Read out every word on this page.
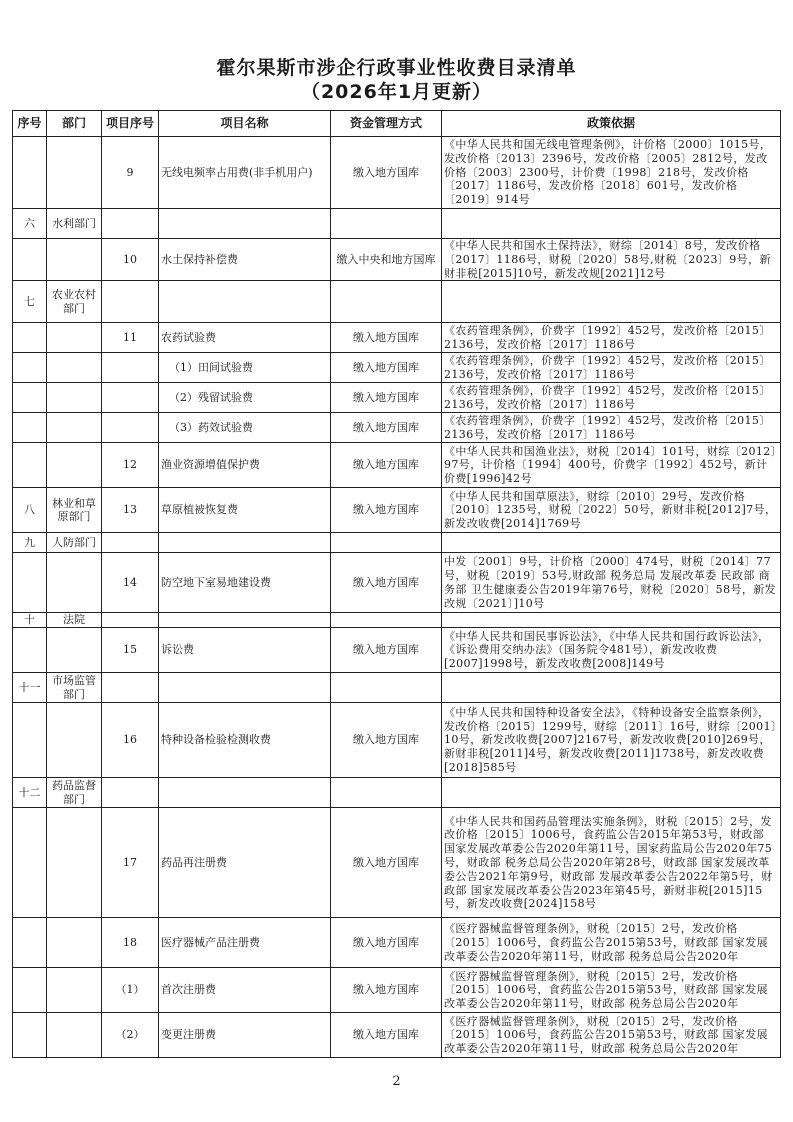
霍尔果斯市涉企行政事业性收费目录清单
（2026年1月更新）
序号	部门	项目序号	项目名称	资金管理方式	政策依据
		9	无线电频率占用费(非手机用户)	缴入地方国库	《中华人民共和国无线电管理条例》，计价格〔2000〕1015号，发改价格〔2013〕2396号，发改价格〔2005〕2812号，发改价格〔2003〕2300号，计价费〔1998〕218号，发改价格〔2017〕1186号，发改价格〔2018〕601号，发改价格〔2019〕914号
六	水利部门				
		10	水土保持补偿费	缴入中央和地方国库	《中华人民共和国水土保持法》，财综〔2014〕8号，发改价格〔2017〕1186号，财税〔2020〕58号,财税〔2023〕9号，新财非税[2015]10号，新发改规[2021]12号
七	农业农村部门				
		11	农药试验费	缴入地方国库	《农药管理条例》，价费字〔1992〕452号，发改价格〔2015〕2136号，发改价格〔2017〕1186号
			（1）田间试验费	缴入地方国库	《农药管理条例》，价费字〔1992〕452号，发改价格〔2015〕2136号，发改价格〔2017〕1186号
			（2）残留试验费	缴入地方国库	《农药管理条例》，价费字〔1992〕452号，发改价格〔2015〕2136号，发改价格〔2017〕1186号
			（3）药效试验费	缴入地方国库	《农药管理条例》，价费字〔1992〕452号，发改价格〔2015〕2136号，发改价格〔2017〕1186号
		12	渔业资源增值保护费	缴入地方国库	《中华人民共和国渔业法》，财税〔2014〕101号，财综〔2012〕97号，计价格〔1994〕400号，价费字〔1992〕452号，新计价费[1996]42号
八	林业和草原部门	13	草原植被恢复费	缴入地方国库	《中华人民共和国草原法》，财综〔2010〕29号，发改价格〔2010〕1235号，财税〔2022〕50号，新财非税[2012]7号，新发改收费[2014]1769号
九	人防部门				
		14	防空地下室易地建设费	缴入地方国库	中发〔2001〕9号，计价格〔2000〕474号，财税〔2014〕77号，财税〔2019〕53号,财政部 税务总局 发展改革委 民政部 商务部 卫生健康委公告2019年第76号，财税〔2020〕58号，新发改规〔2021〕]10号
十	法院				
		15	诉讼费	缴入地方国库	《中华人民共和国民事诉讼法》，《中华人民共和国行政诉讼法》，《诉讼费用交纳办法》（国务院令481号），新发改收费[2007]1998号，新发改收费[2008]149号
十一	市场监管部门				
		16	特种设备检验检测收费	缴入地方国库	《中华人民共和国特种设备安全法》，《特种设备安全监察条例》，发改价格〔2015〕1299号，财综〔2011〕16号，财综〔2001〕10号，新发改收费[2007]2167号，新发改收费[2010]269号，新财非税[2011]4号，新发改收费[2011]1738号，新发改收费[2018]585号
十二	药品监督部门				
		17	药品再注册费	缴入地方国库	《中华人民共和国药品管理法实施条例》，财税〔2015〕2号，发改价格〔2015〕1006号，食药监公告2015年第53号，财政部 国家发展改革委公告2020年第11号，国家药监局公告2020年75号，财政部 税务总局公告2020年第28号，财政部 国家发展改革委公告2021年第9号，财政部 发展改革委公告2022年第5号，财政部 国家发展改革委公告2023年第45号，新财非税[2015]15号，新发改收费[2024]158号
		18	医疗器械产品注册费	缴入地方国库	《医疗器械监督管理条例》，财税〔2015〕2号，发改价格〔2015〕1006号，食药监公告2015第53号，财政部 国家发展改革委公告2020年第11号，财政部 税务总局公告2020年
		（1）	首次注册费	缴入地方国库	《医疗器械监督管理条例》，财税〔2015〕2号，发改价格〔2015〕1006号，食药监公告2015第53号，财政部 国家发展改革委公告2020年第11号，财政部 税务总局公告2020年
		（2）	变更注册费	缴入地方国库	《医疗器械监督管理条例》，财税〔2015〕2号，发改价格〔2015〕1006号，食药监公告2015第53号，财政部 国家发展改革委公告2020年第11号，财政部 税务总局公告2020年
2
